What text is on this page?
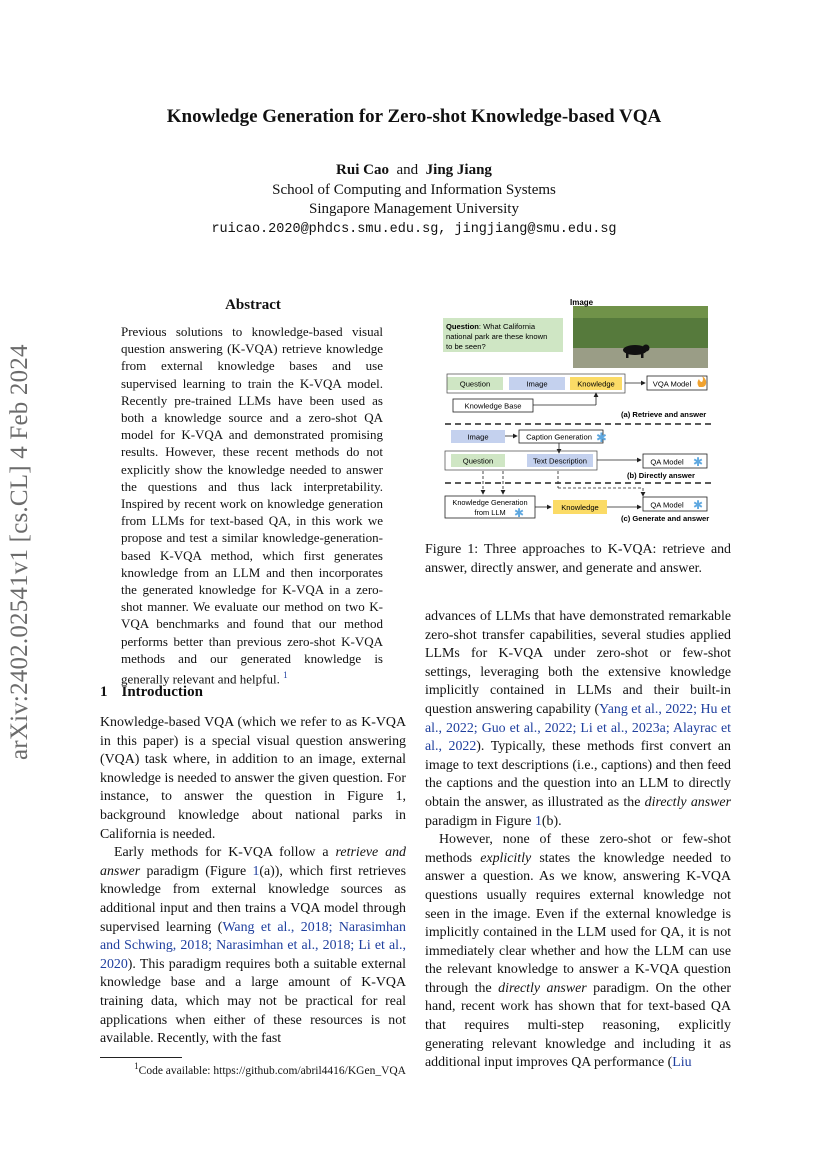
Knowledge Generation for Zero-shot Knowledge-based VQA
Rui Cao and Jing Jiang
School of Computing and Information Systems
Singapore Management University
ruicao.2020@phdcs.smu.edu.sg, jingjiang@smu.edu.sg
arXiv:2402.02541v1 [cs.CL] 4 Feb 2024
Abstract
Previous solutions to knowledge-based visual question answering (K-VQA) retrieve knowledge from external knowledge bases and use supervised learning to train the K-VQA model. Recently pre-trained LLMs have been used as both a knowledge source and a zero-shot QA model for K-VQA and demonstrated promising results. However, these recent methods do not explicitly show the knowledge needed to answer the questions and thus lack interpretability. Inspired by recent work on knowledge generation from LLMs for text-based QA, in this work we propose and test a similar knowledge-generation-based K-VQA method, which first generates knowledge from an LLM and then incorporates the generated knowledge for K-VQA in a zero-shot manner. We evaluate our method on two K-VQA benchmarks and found that our method performs better than previous zero-shot K-VQA methods and our generated knowledge is generally relevant and helpful. $^1$
1 Introduction

Knowledge-based VQA (which we refer to as K-VQA in this paper) is a special visual question answering (VQA) task where, in addition to an image, external knowledge is needed to answer the given question. For instance, to answer the question in Figure 1, background knowledge about national parks in California is needed.

Early methods for K-VQA follow a retrieve and answer paradigm (Figure 1(a)), which first retrieves knowledge from external knowledge sources as additional input and then trains a VQA model through supervised learning (Wang et al., 2018; Narasimhan and Schwing, 2018; Narasimhan et al., 2018; Li et al., 2020). This paradigm requires both a suitable external knowledge base and a large amount of K-VQA training data, which may not be practical for real applications when either of these resources is not available. Recently, with the fast

$^1$Code available: https://github.com/abril4416/KGen_VQA
Image
Question: What California
national park are these known
to be seen?
Question	Image	Knowledge	VQA Model
Knowledge Base
(a) Retrieve and answer
Image	Caption Generation ✱
Question	Text Description	QA Model ✱
(b) Directly answer
Knowledge Generation
from LLM ✱	Knowledge	QA Model ✱
(c) Generate and answer
Figure 1: Three approaches to K-VQA: retrieve and answer, directly answer, and generate and answer.

advances of LLMs that have demonstrated remarkable zero-shot transfer capabilities, several studies applied LLMs for K-VQA under zero-shot or few-shot settings, leveraging both the extensive knowledge implicitly contained in LLMs and their built-in question answering capability (Yang et al., 2022; Hu et al., 2022; Guo et al., 2022; Li et al., 2023a; Alayrac et al., 2022). Typically, these methods first convert an image to text descriptions (i.e., captions) and then feed the captions and the question into an LLM to directly obtain the answer, as illustrated as the directly answer paradigm in Figure 1(b).

However, none of these zero-shot or few-shot methods explicitly states the knowledge needed to answer a question. As we know, answering K-VQA questions usually requires external knowledge not seen in the image. Even if the external knowledge is implicitly contained in the LLM used for QA, it is not immediately clear whether and how the LLM can use the relevant knowledge to answer a K-VQA question through the directly answer paradigm. On the other hand, recent work has shown that for text-based QA that requires multi-step reasoning, explicitly generating relevant knowledge and including it as additional input improves QA performance (Liu
